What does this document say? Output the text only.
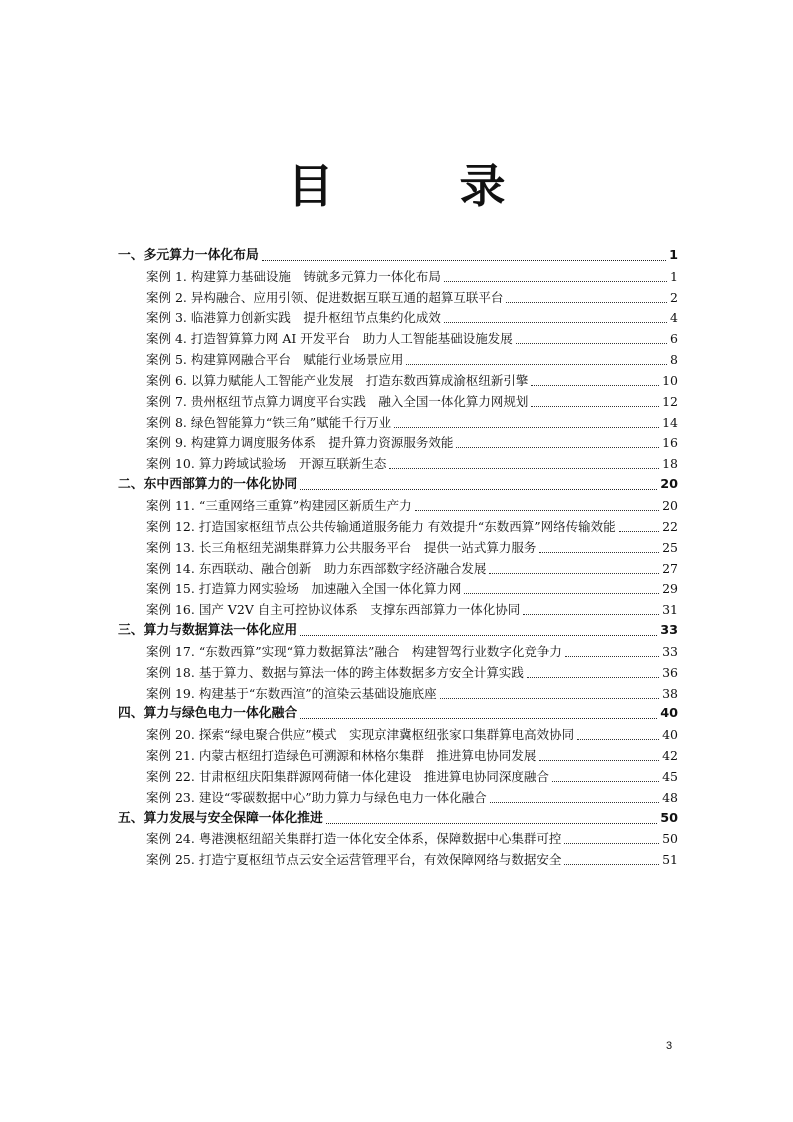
目　录
一、多元算力一体化布局	1
案例 1. 构建算力基础设施　铸就多元算力一体化布局	1
案例 2. 异构融合、应用引领、促进数据互联互通的超算互联平台	2
案例 3. 临港算力创新实践　提升枢纽节点集约化成效	4
案例 4. 打造智算算力网 AI 开发平台　助力人工智能基础设施发展	6
案例 5. 构建算网融合平台　赋能行业场景应用	8
案例 6. 以算力赋能人工智能产业发展　打造东数西算成渝枢纽新引擎	10
案例 7. 贵州枢纽节点算力调度平台实践　融入全国一体化算力网规划	12
案例 8. 绿色智能算力“铁三角”赋能千行万业	14
案例 9. 构建算力调度服务体系　提升算力资源服务效能	16
案例 10. 算力跨域试验场　开源互联新生态	18
二、东中西部算力的一体化协同	20
案例 11. “三重网络三重算”构建园区新质生产力	20
案例 12. 打造国家枢纽节点公共传输通道服务能力 有效提升“东数西算”网络传输效能	22
案例 13. 长三角枢纽芜湖集群算力公共服务平台　提供一站式算力服务	25
案例 14. 东西联动、融合创新　助力东西部数字经济融合发展	27
案例 15. 打造算力网实验场　加速融入全国一体化算力网	29
案例 16. 国产 V2V 自主可控协议体系　支撑东西部算力一体化协同	31
三、算力与数据算法一体化应用	33
案例 17. “东数西算”实现“算力数据算法”融合　构建智驾行业数字化竞争力	33
案例 18. 基于算力、数据与算法一体的跨主体数据多方安全计算实践	36
案例 19. 构建基于“东数西渲”的渲染云基础设施底座	38
四、算力与绿色电力一体化融合	40
案例 20. 探索“绿电聚合供应”模式　实现京津冀枢纽张家口集群算电高效协同	40
案例 21. 内蒙古枢纽打造绿色可溯源和林格尔集群　推进算电协同发展	42
案例 22. 甘肃枢纽庆阳集群源网荷储一体化建设　推进算电协同深度融合	45
案例 23. 建设“零碳数据中心”助力算力与绿色电力一体化融合	48
五、算力发展与安全保障一体化推进	50
案例 24. 粤港澳枢纽韶关集群打造一体化安全体系，保障数据中心集群可控	50
案例 25. 打造宁夏枢纽节点云安全运营管理平台，有效保障网络与数据安全	51
3
